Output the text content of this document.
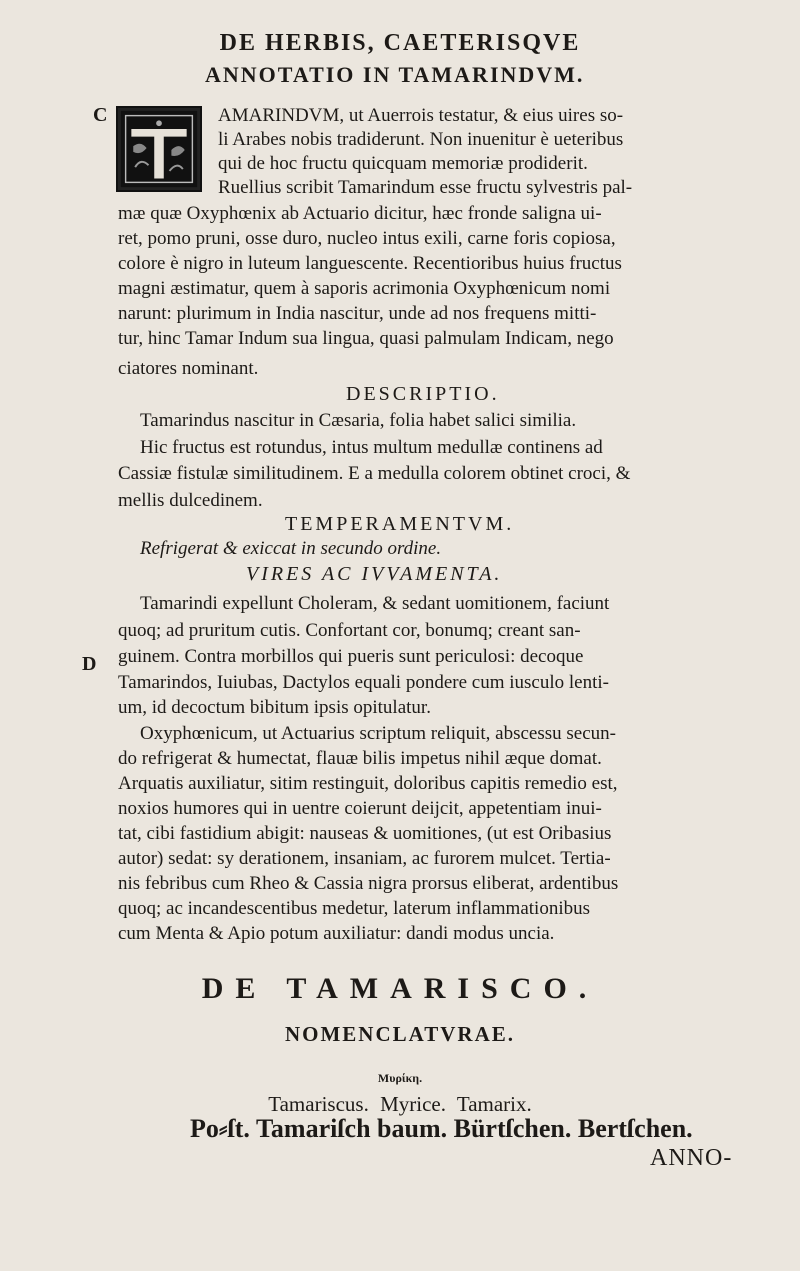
DE HERBIS, CAETERISQVE
ANNOTATIO IN TAMARINDVM.
C
D
AMARINDVM, ut Auerrois testatur, & eius uires so-
li Arabes nobis tradiderunt. Non inuenitur è ueteribus
qui de hoc fructu quicquam memoriæ prodiderit.
Ruellius scribit Tamarindum esse fructu sylvestris pal-
mæ quæ Oxyphœnix ab Actuario dicitur, hæc fronde saligna ui-
ret, pomo pruni, osse duro, nucleo intus exili, carne foris copiosa,
colore è nigro in luteum languescente. Recentioribus huius fructus
magni æstimatur, quem à saporis acrimonia Oxyphœnicum nomi
narunt: plurimum in India nascitur, unde ad nos frequens mitti-
tur, hinc Tamar Indum sua lingua, quasi palmulam Indicam, nego
ciatores nominant.
DESCRIPTIO.
Tamarindus nascitur in Cæsaria, folia habet salici similia.
Hic fructus est rotundus, intus multum medullæ continens ad
Cassiæ fistulæ similitudinem. E a medulla colorem obtinet croci, &
mellis dulcedinem.
TEMPERAMENTVM.
Refrigerat & exiccat in secundo ordine.
VIRES AC IVVAMENTA.
Tamarindi expellunt Choleram, & sedant uomitionem, faciunt
quoq; ad pruritum cutis. Confortant cor, bonumq; creant san-
guinem. Contra morbillos qui pueris sunt periculosi: decoque
Tamarindos, Iuiubas, Dactylos equali pondere cum iusculo lenti-
um, id decoctum bibitum ipsis opitulatur.
Oxyphœnicum, ut Actuarius scriptum reliquit, abscessu secun-
do refrigerat & humectat, flauæ bilis impetus nihil æque domat.
Arquatis auxiliatur, sitim restinguit, doloribus capitis remedio est,
noxios humores qui in uentre coierunt deijcit, appetentiam inui-
tat, cibi fastidium abigit: nauseas & uomitiones, (ut est Oribasius
autor) sedat: sy derationem, insaniam, ac furorem mulcet. Tertia-
nis febribus cum Rheo & Cassia nigra prorsus eliberat, ardentibus
quoq; ac incandescentibus medetur, laterum inflammationibus
cum Menta & Apio potum auxiliatur: dandi modus uncia.
DE TAMARISCO.
NOMENCLATVRAE.
Μυρίκη.
Tamariscus. Myrice. Tamarix.
Po⸗ſt. Tamariſch baum. Bürtſchen. Bertſchen.
ANNO-
